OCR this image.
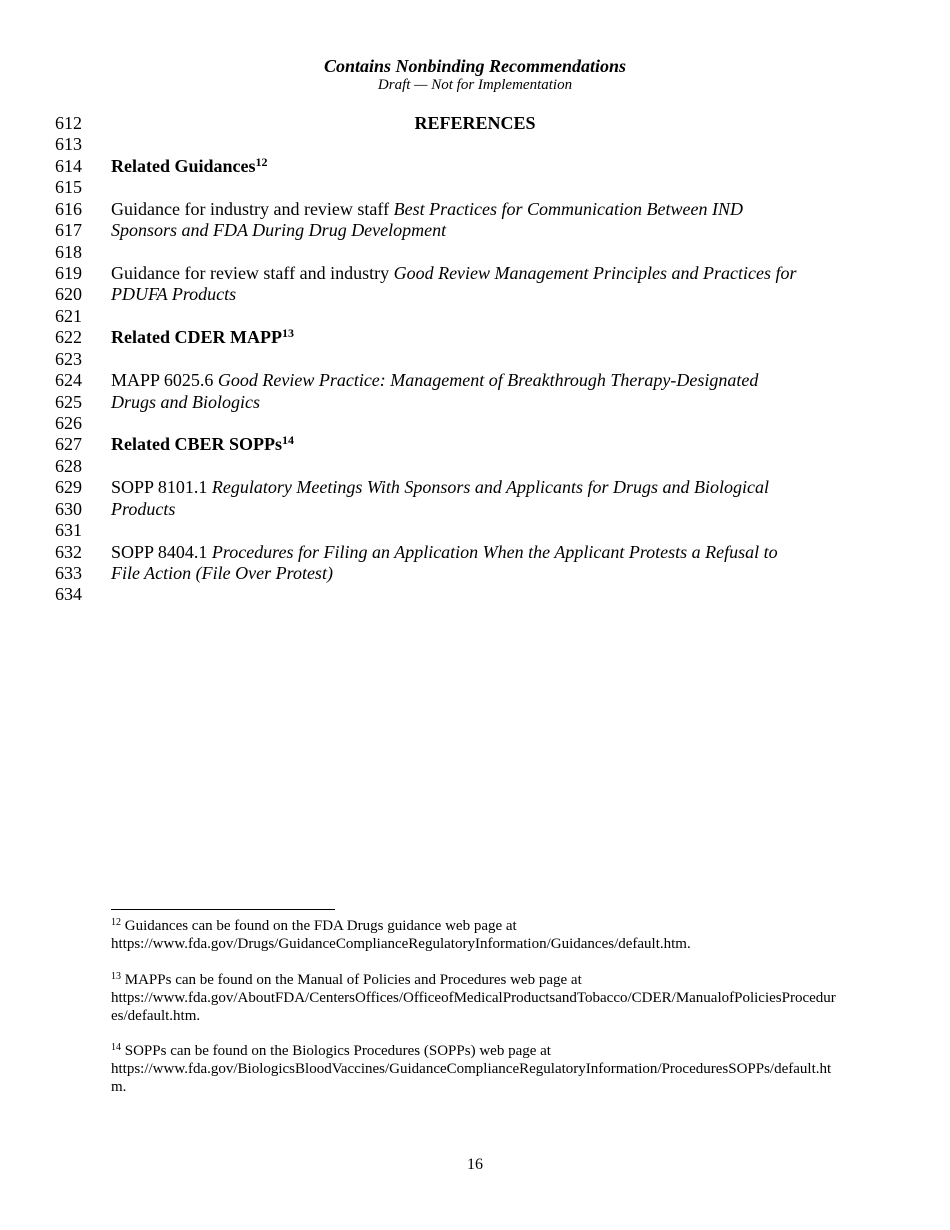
Contains Nonbinding Recommendations
Draft — Not for Implementation
612
613
614
615
616
617
618
619
620
621
622
623
624
625
626
627
628
629
630
631
632
633
634
REFERENCES
Related Guidances$^{12}$
Guidance for industry and review staff Best Practices for Communication Between IND
Sponsors and FDA During Drug Development
Guidance for review staff and industry Good Review Management Principles and Practices for
PDUFA Products
Related CDER MAPP$^{13}$
MAPP 6025.6 Good Review Practice: Management of Breakthrough Therapy-Designated
Drugs and Biologics
Related CBER SOPPs$^{14}$
SOPP 8101.1 Regulatory Meetings With Sponsors and Applicants for Drugs and Biological
Products
SOPP 8404.1 Procedures for Filing an Application When the Applicant Protests a Refusal to
File Action (File Over Protest)
$^{12}$ Guidances can be found on the FDA Drugs guidance web page at
https://www.fda.gov/Drugs/GuidanceComplianceRegulatoryInformation/Guidances/default.htm.
$^{13}$ MAPPs can be found on the Manual of Policies and Procedures web page at
https://www.fda.gov/AboutFDA/CentersOffices/OfficeofMedicalProductsandTobacco/CDER/ManualofPoliciesProcedures/default.htm.
$^{14}$ SOPPs can be found on the Biologics Procedures (SOPPs) web page at
https://www.fda.gov/BiologicsBloodVaccines/GuidanceComplianceRegulatoryInformation/ProceduresSOPPs/default.htm.
16
